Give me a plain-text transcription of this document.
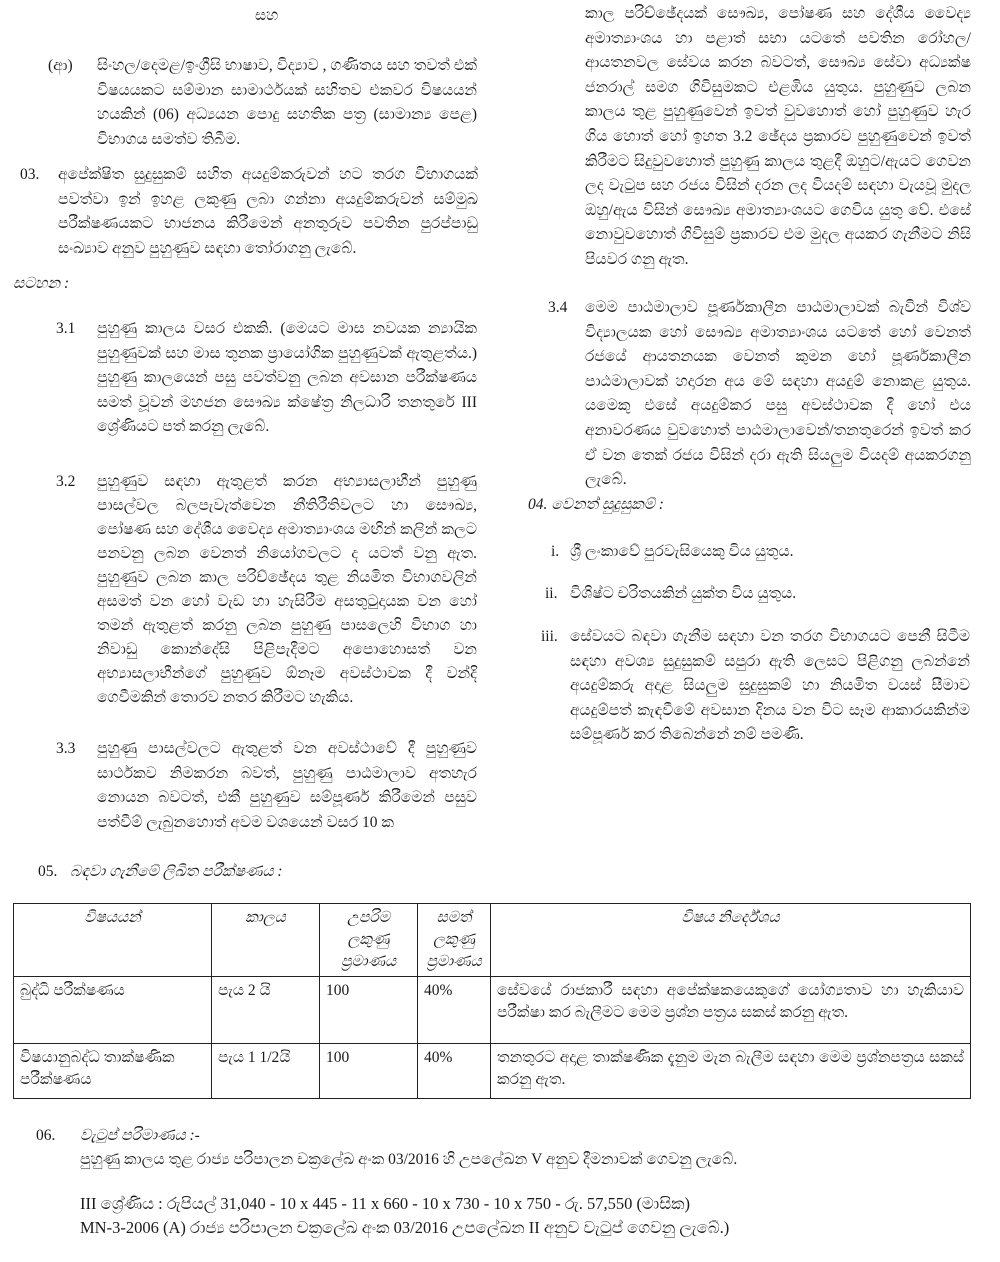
සහ
(ආ) සිංහල/දෙමළ/ඉංග්‍රීසි භාෂාව, විද්‍යාව , ගණිතය සහ තවත් එක් විෂයයකට සම්මාන සාමාර්ථයක් සහිතව එකවර විෂයයන් හයකින් (06) අධ්‍යයන පොදු සහතික පත්‍ර (සාමාන්‍ය පෙළ) විභාගය සමත්ව තිබීම.
03. අපේක්ෂිත සුදුසුකම් සහිත අයදුම්කරුවන් හට තරග විභාගයක් පවත්වා ඉන් ඉහළ ලකුණු ලබා ගන්නා අයදුම්කරුවන් සම්මුඛ පරීක්ෂණයකට භාජනය කිරීමෙන් අනතුරුව පවතින පුරප්පාඩු සංඛ්‍යාව අනුව පුහුණුව සඳහා තෝරාගනු ලැබේ.
සටහන :
3.1 පුහුණු කාලය වසර එකකි. (මෙයට මාස නවයක න්‍යායික පුහුණුවක් සහ මාස තුනක ප්‍රායෝගික පුහුණුවක් ඇතුළත්ය.) පුහුණු කාලයෙන් පසු පවත්වනු ලබන අවසාන පරීක්ෂණය සමත් වූවන් මහජන සෞඛ්‍ය ක්ෂේත්‍ර නිලධාරි තනතුරේ III ශ්‍රේණියට පත් කරනු ලැබේ.
3.2 පුහුණුව සඳහා ඇතුළත් කරන අභ්‍යාසලාභීන් පුහුණු පාසල්වල බලපැවැත්වෙන නීතිරීතිවලට හා සෞඛ්‍ය, පෝෂණ සහ දේශීය වෛද්‍ය අමාත්‍යාංශය මඟින් කලින් කලට පනවනු ලබන වෙනත් නියෝගවලට ද යටත් වනු ඇත. පුහුණුව ලබන කාල පරිච්ඡේදය තුළ නියමිත විභාගවලින් අසමත් වන හෝ වැඩ හා හැසිරීම අසතුටුදායක වන හෝ තමන් ඇතුළත් කරනු ලබන පුහුණු පාසලෙහි විභාග හා නිවාඩු කොන්දේසි පිළිපැදීමට අපොහොසත් වන අභ්‍යාසලාභීන්ගේ පුහුණුව ඕනෑම අවස්ථාවක දී වන්දි ගෙවීමකින් තොරව නතර කිරීමට හැකිය.
3.3 පුහුණු පාසල්වලට ඇතුළත් වන අවස්ථාවේ දී පුහුණුව සාර්ථකව නිමකරන බවත්, පුහුණු පාඨමාලාව අතහැර නොයන බවටත්, එකී පුහුණුව සම්පූර්ණ කිරීමෙන් පසුව පත්වීම් ලැබුනහොත් අවම වශයෙන් වසර 10 ක
කාල පරිච්ඡේදයක් සෞඛ්‍ය, පෝෂණ සහ දේශීය වෛද්‍ය අමාත්‍යාංශය හා පළාත් සභා යටතේ පවතින රෝහල/ආයතනවල සේවය කරන බවටත්, සෞඛ්‍ය සේවා අධ්‍යක්ෂ ජනරාල් සමග ගිවිසුමකට එළඹිය යුතුය. පුහුණුව ලබන කාලය තුළ පුහුණුවෙන් ඉවත් වුවහොත් හෝ පුහුණුව හැර ගිය හොත් හෝ ඉහත 3.2 ඡේදය ප්‍රකාරව පුහුණුවෙන් ඉවත් කිරීමට සිදුවුවහොත් පුහුණු කාලය තුළදී ඔහුට/ඇයට ගෙවන ලද වැටුප සහ රජය විසින් දරන ලද වියදම් සඳහා වැයවූ මුදල ඔහු/ඇය විසින් සෞඛ්‍ය අමාත්‍යාංශයට ගෙවිය යුතු වේ. එසේ නොවුවහොත් ගිවිසුම් ප්‍රකාරව එම මුදල අයකර ගැනීමට නිසි පියවර ගනු ඇත.
3.4 මෙම පාඨමාලාව පූර්ණකාලීන පාඨමාලාවක් බැවින් විශ්ව විද්‍යාලයක හෝ සෞඛ්‍ය අමාත්‍යාංශය යටතේ හෝ වෙනත් රජයේ ආයතනයක වෙනත් කුමන හෝ පූර්ණකාලීන පාඨමාලාවක් හදාරන අය මේ සඳහා අයදුම් නොකළ යුතුය. යමෙකු එසේ අයදුම්කර පසු අවස්ථාවක දී හෝ එය අනාවරණය වුවහොත් පාඨමාලාවෙන්/තනතුරෙන් ඉවත් කර ඒ වන තෙක් රජය විසින් දරා ඇති සියලුම වියදම් අයකරගනු ලැබේ.
04. වෙනත් සුදුසුකම් :
i. ශ්‍රී ලංකාවේ පුරවැසියෙකු විය යුතුය.
ii. විශිෂ්ට චරිතයකින් යුක්ත විය යුතුය.
iii. සේවයට බඳවා ගැනීම සඳහා වන තරග විභාගයට පෙනී සිටීම සඳහා අවශ්‍ය සුදුසුකම් සපුරා ඇති ලෙසට පිළිගනු ලබන්නේ අයදුම්කරු අදාළ සියලුම සුදුසුකම් හා නියමිත වයස් සීමාව අයදුම්පත් කැඳවීමේ අවසාන දිනය වන විට සෑම ආකාරයකින්ම සම්පූර්ණ කර තිබෙන්නේ නම් පමණි.
05. බඳවා ගැනීමේ ලිඛිත පරීක්ෂණය :
විෂයයන්	කාලය	උපරිම ලකුණු ප්‍රමාණය	සමත් ලකුණු ප්‍රමාණය	විෂය නිර්දේශය
බුද්ධි පරීක්ෂණය	පැය 2 යි	100	40%	සේවයේ රාජකාරී සඳහා අපේක්ෂකයෙකුගේ යෝග්‍යතාව හා හැකියාව පරීක්ෂා කර බැලීමට මෙම ප්‍රශ්න පත්‍රය සකස් කරනු ඇත.
විෂයානුබද්ධ තාක්ෂණික පරීක්ෂණය	පැය 1 1/2යි	100	40%	තනතුරට අදාළ තාක්ෂණික දැනුම මැන බැලීම සඳහා මෙම ප්‍රශ්නපත්‍රය සකස් කරනු ඇත.
06. වැටුප් පරිමාණය :-
පුහුණු කාලය තුළ රාජ්‍ය පරිපාලන චක්‍රලේඛ අංක 03/2016 හි උපලේඛන V අනුව දීමනාවක් ගෙවනු ලැබේ.
III ශ්‍රේණිය : රුපියල් 31,040 - 10 x 445 - 11 x 660 - 10 x 730 - 10 x 750 - රු. 57,550 (මාසික)
MN-3-2006 (A) රාජ්‍ය පරිපාලන චක්‍රලේඛ අංක 03/2016 උපලේඛන II අනුව වැටුප් ගෙවනු ලැබේ.)
